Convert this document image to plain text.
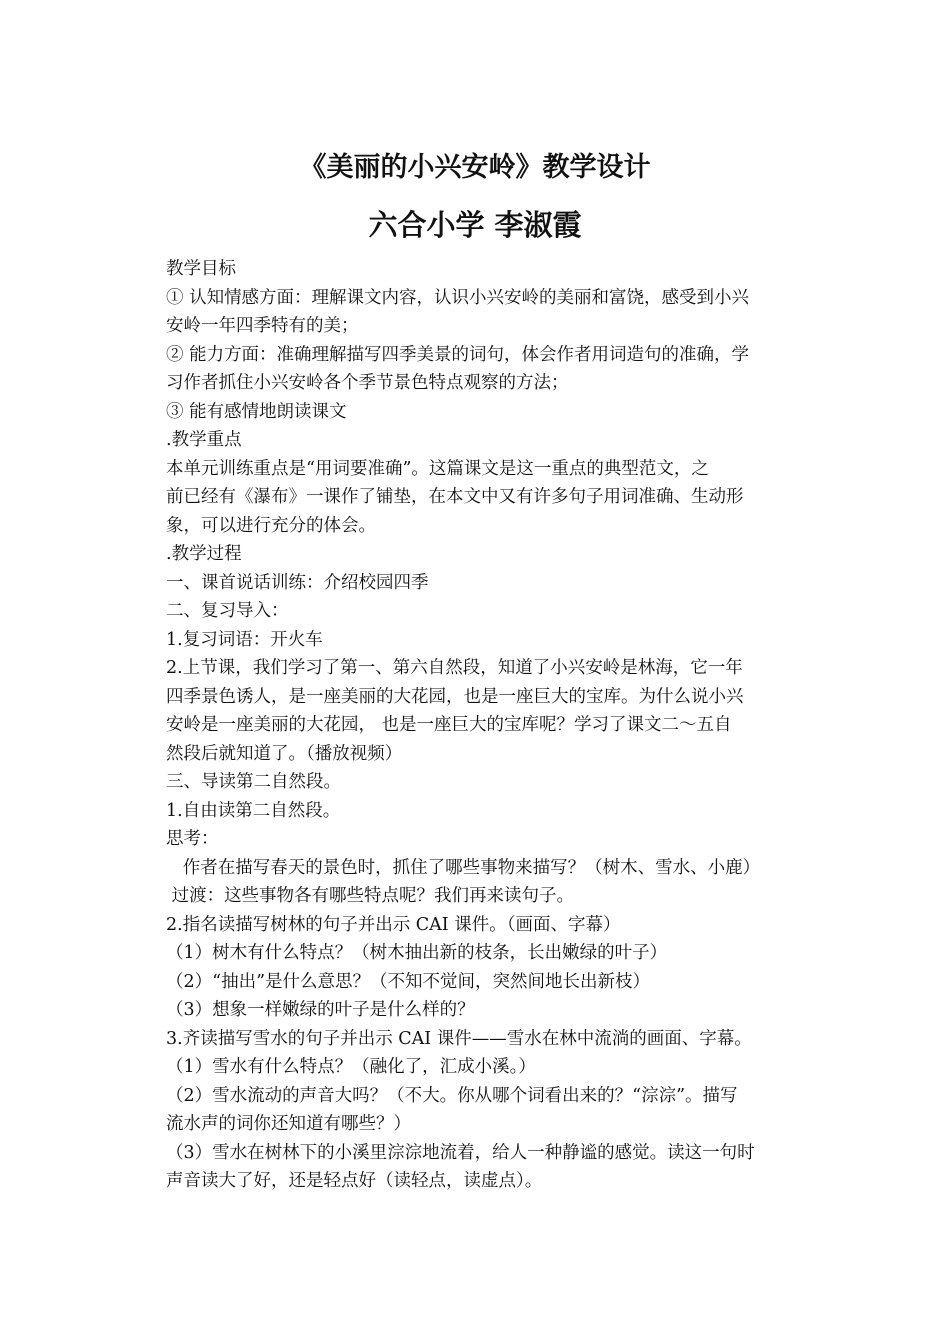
《美丽的小兴安岭》教学设计
六合小学 李淑霞
教学目标
① 认知情感方面：理解课文内容，认识小兴安岭的美丽和富饶，感受到小兴
安岭一年四季特有的美；
② 能力方面：准确理解描写四季美景的词句，体会作者用词造句的准确，学
习作者抓住小兴安岭各个季节景色特点观察的方法；
③ 能有感情地朗读课文
.教学重点
本单元训练重点是“用词要准确”。这篇课文是这一重点的典型范文，之
前已经有《瀑布》一课作了铺垫，在本文中又有许多句子用词准确、生动形
象，可以进行充分的体会。
.教学过程
一、课首说话训练：介绍校园四季
二、复习导入：
1.复习词语：开火车
2.上节课，我们学习了第一、第六自然段，知道了小兴安岭是林海，它一年
四季景色诱人，是一座美丽的大花园，也是一座巨大的宝库。为什么说小兴
安岭是一座美丽的大花园， 也是一座巨大的宝库呢？学习了课文二～五自
然段后就知道了。（播放视频）
三、导读第二自然段。
1.自由读第二自然段。
思考：
作者在描写春天的景色时，抓住了哪些事物来描写？（树木、雪水、小鹿）
过渡：这些事物各有哪些特点呢？我们再来读句子。
2.指名读描写树林的句子并出示 CAI 课件。（画面、字幕）
（1）树木有什么特点？（树木抽出新的枝条，长出嫩绿的叶子）
（2）“抽出”是什么意思？（不知不觉间，突然间地长出新枝）
（3）想象一样嫩绿的叶子是什么样的？
3.齐读描写雪水的句子并出示 CAI 课件——雪水在林中流淌的画面、字幕。
（1）雪水有什么特点？（融化了，汇成小溪。）
（2）雪水流动的声音大吗？（不大。你从哪个词看出来的？“淙淙”。描写
流水声的词你还知道有哪些？）
（3）雪水在树林下的小溪里淙淙地流着，给人一种静谧的感觉。读这一句时
声音读大了好，还是轻点好（读轻点，读虚点）。
